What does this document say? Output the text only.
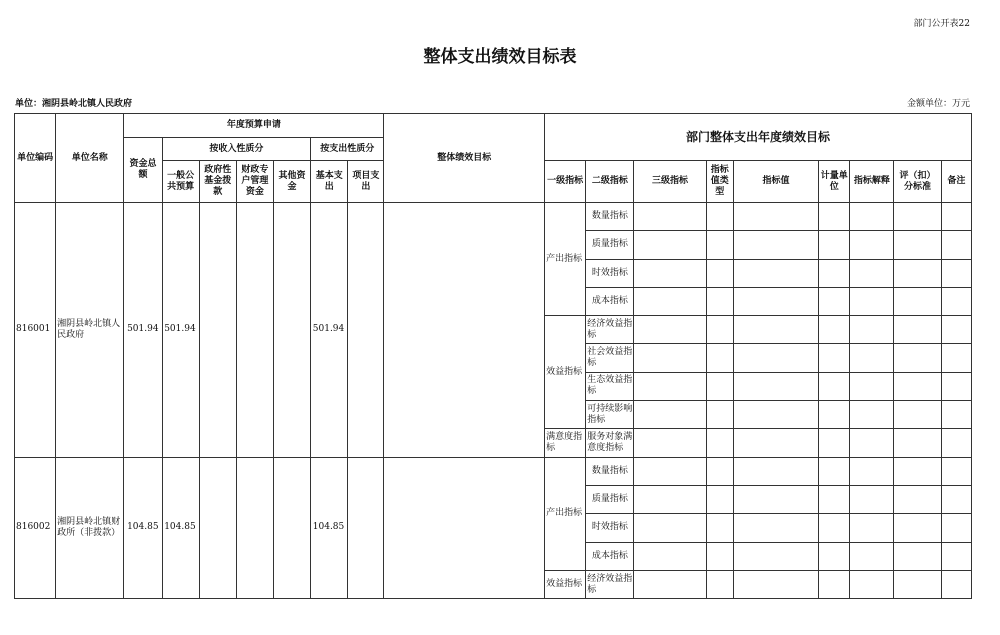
部门公开表22
整体支出绩效目标表
单位：湘阴县岭北镇人民政府	金额单位：万元
单位编码	单位名称	年度预算申请							整体绩效目标	部门整体支出年度绩效目标								
		资金总额	按收入性质分				按支出性质分											
			一般公共预算	政府性基金拨款	财政专户管理资金	其他资金	基本支出	项目支出		一级指标	二级指标	三级指标	指标值类型	指标值	计量单位	指标解释	评（扣）分标准	备注

816001	湘阴县岭北镇人民政府	501.94	501.94				501.94			产出指标	数量指标							
											质量指标							
											时效指标							
											成本指标							
										效益指标	经济效益指标							
											社会效益指标							
											生态效益指标							
											可持续影响指标							
										满意度指标	服务对象满意度指标							
816002	湘阴县岭北镇财政所（非拨款）	104.85	104.85				104.85			产出指标	数量指标							
											质量指标							
											时效指标							
											成本指标							
										效益指标	经济效益指标							
